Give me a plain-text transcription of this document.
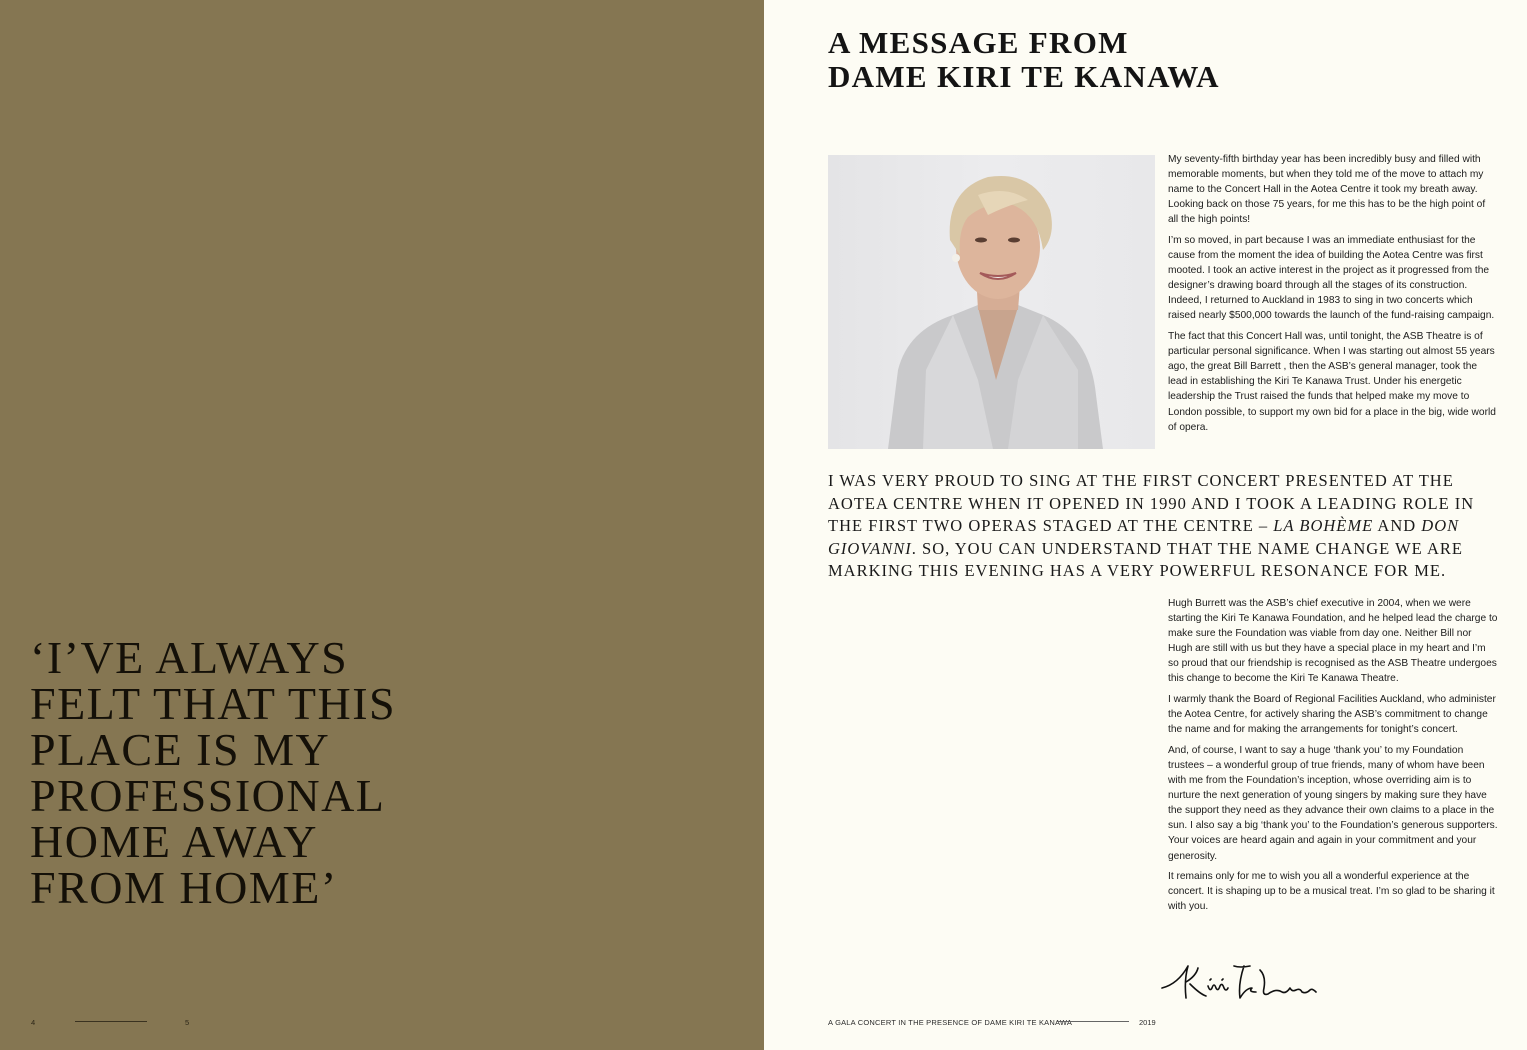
‘I’VE ALWAYS FELT THAT THIS PLACE IS MY PROFESSIONAL HOME AWAY FROM HOME’
4	5
A MESSAGE FROM
DAME KIRI TE KANAWA

My seventy-fifth birthday year has been incredibly busy and filled with memorable moments, but when they told me of the move to attach my name to the Concert Hall in the Aotea Centre it took my breath away. Looking back on those 75 years, for me this has to be the high point of all the high points!

I’m so moved, in part because I was an immediate enthusiast for the cause from the moment the idea of building the Aotea Centre was first mooted. I took an active interest in the project as it progressed from the designer’s drawing board through all the stages of its construction. Indeed, I returned to Auckland in 1983 to sing in two concerts which raised nearly $500,000 towards the launch of the fund-raising campaign.

The fact that this Concert Hall was, until tonight, the ASB Theatre is of particular personal significance. When I was starting out almost 55 years ago, the great Bill Barrett , then the ASB’s general manager, took the lead in establishing the Kiri Te Kanawa Trust. Under his energetic leadership the Trust raised the funds that helped make my move to London possible, to support my own bid for a place in the big, wide world of opera.

I WAS VERY PROUD TO SING AT THE FIRST CONCERT PRESENTED AT THE AOTEA CENTRE WHEN IT OPENED IN 1990 AND I TOOK A LEADING ROLE IN THE FIRST TWO OPERAS STAGED AT THE CENTRE – LA BOHÈME AND DON GIOVANNI. SO, YOU CAN UNDERSTAND THAT THE NAME CHANGE WE ARE MARKING THIS EVENING HAS A VERY POWERFUL RESONANCE FOR ME.

Hugh Burrett was the ASB’s chief executive in 2004, when we were starting the Kiri Te Kanawa Foundation, and he helped lead the charge to make sure the Foundation was viable from day one. Neither Bill nor Hugh are still with us but they have a special place in my heart and I’m so proud that our friendship is recognised as the ASB Theatre undergoes this change to become the Kiri Te Kanawa Theatre.

I warmly thank the Board of Regional Facilities Auckland, who administer the Aotea Centre, for actively sharing the ASB’s commitment to change the name and for making the arrangements for tonight’s concert.

And, of course, I want to say a huge ‘thank you’ to my Foundation trustees – a wonderful group of true friends, many of whom have been with me from the Foundation’s inception, whose overriding aim is to nurture the next generation of young singers by making sure they have the support they need as they advance their own claims to a place in the sun. I also say a big ‘thank you’ to the Foundation’s generous supporters. Your voices are heard again and again in your commitment and your generosity.

It remains only for me to wish you all a wonderful experience at the concert. It is shaping up to be a musical treat. I’m so glad to be sharing it with you.

A GALA CONCERT IN THE PRESENCE OF DAME KIRI TE KANAWA	2019
